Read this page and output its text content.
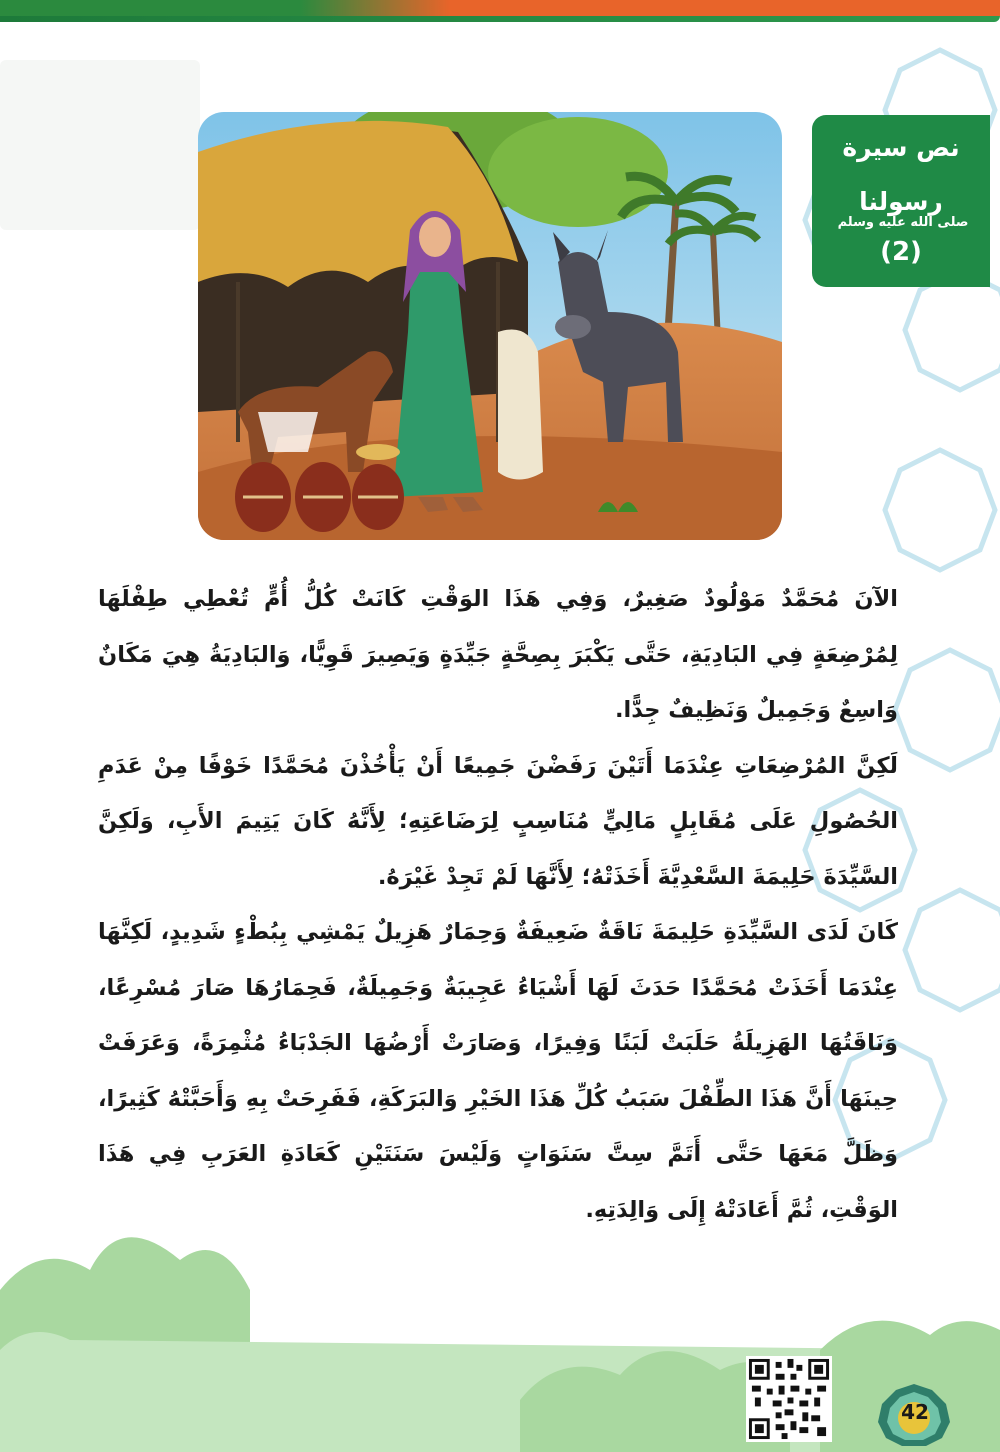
نص سيرة
رسولناصلى الله عليه وسلم
(2)

الآنَ مُحَمَّدٌ مَوْلُودٌ صَغِيرٌ، وَفِي هَذَا الوَقْتِ كَانَتْ كُلُّ أُمٍّ تُعْطِي طِفْلَهَا لِمُرْضِعَةٍ فِي البَادِيَةِ، حَتَّى يَكْبَرَ بِصِحَّةٍ جَيِّدَةٍ وَيَصِيرَ قَوِيًّا، وَالبَادِيَةُ هِيَ مَكَانٌ وَاسِعٌ وَجَمِيلٌ وَنَظِيفٌ جِدًّا.

لَكِنَّ المُرْضِعَاتِ عِنْدَمَا أَتَيْنَ رَفَضْنَ جَمِيعًا أَنْ يَأْخُذْنَ مُحَمَّدًا خَوْفًا مِنْ عَدَمِ الحُصُولِ عَلَى مُقَابِلٍ مَالِيٍّ مُنَاسِبٍ لِرَضَاعَتِهِ؛ لِأَنَّهُ كَانَ يَتِيمَ الأَبِ، وَلَكِنَّ السَّيِّدَةَ حَلِيمَةَ السَّعْدِيَّةَ أَخَذَتْهُ؛ لِأَنَّهَا لَمْ تَجِدْ غَيْرَهُ.

كَانَ لَدَى السَّيِّدَةِ حَلِيمَةَ نَاقَةٌ ضَعِيفَةٌ وَحِمَارٌ هَزِيلٌ يَمْشِي بِبُطْءٍ شَدِيدٍ، لَكِنَّهَا عِنْدَمَا أَخَذَتْ مُحَمَّدًا حَدَثَ لَهَا أَشْيَاءُ عَجِيبَةٌ وَجَمِيلَةٌ، فَحِمَارُهَا صَارَ مُسْرِعًا، وَنَاقَتُهَا الهَزِيلَةُ حَلَبَتْ لَبَنًا وَفِيرًا، وَصَارَتْ أَرْضُهَا الجَدْبَاءُ مُثْمِرَةً، وَعَرَفَتْ حِينَهَا أَنَّ هَذَا الطِّفْلَ سَبَبُ كُلِّ هَذَا الخَيْرِ وَالبَرَكَةِ، فَفَرِحَتْ بِهِ وَأَحَبَّتْهُ كَثِيرًا، وَظَلَّ مَعَهَا حَتَّى أَتَمَّ سِتَّ سَنَوَاتٍ وَلَيْسَ سَنَتَيْنِ كَعَادَةِ العَرَبِ فِي هَذَا الوَقْتِ، ثُمَّ أَعَادَتْهُ إِلَى وَالِدَتِهِ.

42
